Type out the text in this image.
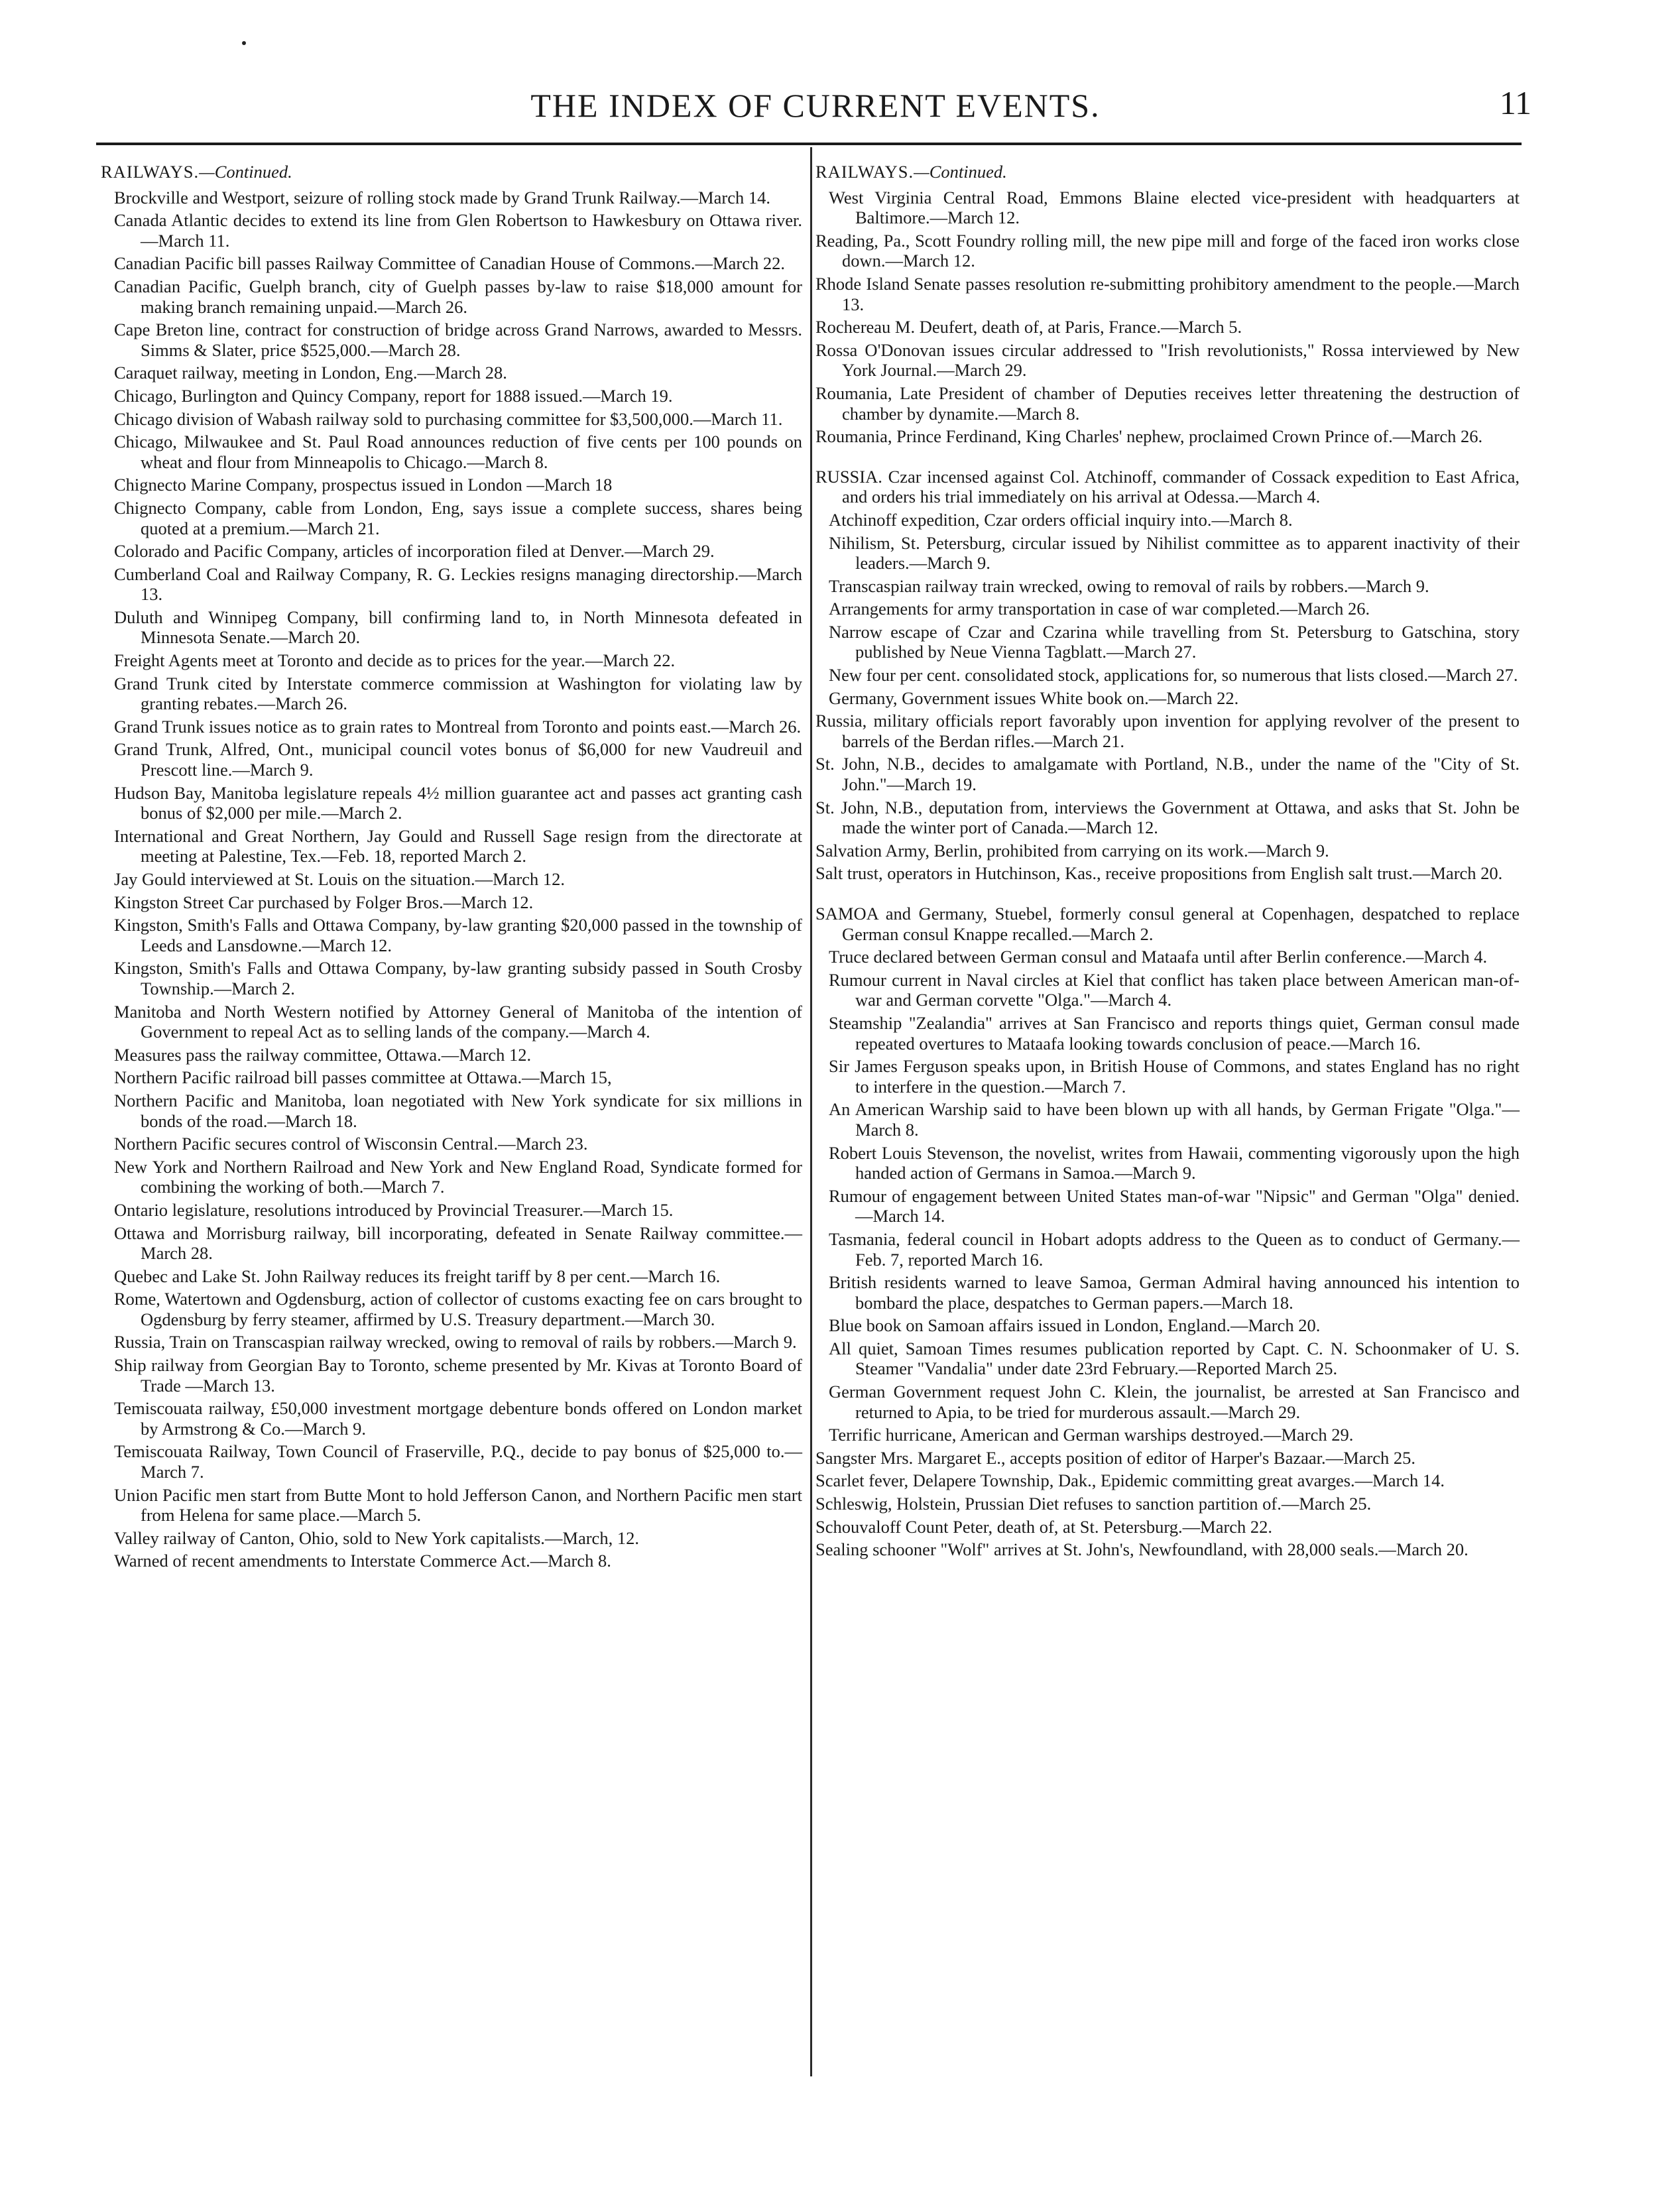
THE INDEX OF CURRENT EVENTS.	11
RAILWAYS.—Continued.
Brockville and Westport, seizure of rolling stock made by Grand Trunk Railway.—March 14.
Canada Atlantic decides to extend its line from Glen Robertson to Hawkesbury on Ottawa river.—March 11.
Canadian Pacific bill passes Railway Committee of Canadian House of Commons.—March 22.
Canadian Pacific, Guelph branch, city of Guelph passes by-law to raise $18,000 amount for making branch remaining unpaid.—March 26.
Cape Breton line, contract for construction of bridge across Grand Narrows, awarded to Messrs. Simms & Slater, price $525,000.—March 28.
Caraquet railway, meeting in London, Eng.—March 28.
Chicago, Burlington and Quincy Company, report for 1888 issued.—March 19.
Chicago division of Wabash railway sold to purchasing committee for $3,500,000.—March 11.
Chicago, Milwaukee and St. Paul Road announces reduction of five cents per 100 pounds on wheat and flour from Minneapolis to Chicago.—March 8.
Chignecto Marine Company, prospectus issued in London —March 18
Chignecto Company, cable from London, Eng, says issue a complete success, shares being quoted at a premium.—March 21.
Colorado and Pacific Company, articles of incorporation filed at Denver.—March 29.
Cumberland Coal and Railway Company, R. G. Leckies resigns managing directorship.—March 13.
Duluth and Winnipeg Company, bill confirming land to, in North Minnesota defeated in Minnesota Senate.—March 20.
Freight Agents meet at Toronto and decide as to prices for the year.—March 22.
Grand Trunk cited by Interstate commerce commission at Washington for violating law by granting rebates.—March 26.
Grand Trunk issues notice as to grain rates to Montreal from Toronto and points east.—March 26.
Grand Trunk, Alfred, Ont., municipal council votes bonus of $6,000 for new Vaudreuil and Prescott line.—March 9.
Hudson Bay, Manitoba legislature repeals 4½ million guarantee act and passes act granting cash bonus of $2,000 per mile.—March 2.
International and Great Northern, Jay Gould and Russell Sage resign from the directorate at meeting at Palestine, Tex.—Feb. 18, reported March 2.
Jay Gould interviewed at St. Louis on the situation.—March 12.
Kingston Street Car purchased by Folger Bros.—March 12.
Kingston, Smith's Falls and Ottawa Company, by-law granting $20,000 passed in the township of Leeds and Lansdowne.—March 12.
Kingston, Smith's Falls and Ottawa Company, by-law granting subsidy passed in South Crosby Township.—March 2.
Manitoba and North Western notified by Attorney General of Manitoba of the intention of Government to repeal Act as to selling lands of the company.—March 4.
Measures pass the railway committee, Ottawa.—March 12.
Northern Pacific railroad bill passes committee at Ottawa.—March 15,
Northern Pacific and Manitoba, loan negotiated with New York syndicate for six millions in bonds of the road.—March 18.
Northern Pacific secures control of Wisconsin Central.—March 23.
New York and Northern Railroad and New York and New England Road, Syndicate formed for combining the working of both.—March 7.
Ontario legislature, resolutions introduced by Provincial Treasurer.—March 15.
Ottawa and Morrisburg railway, bill incorporating, defeated in Senate Railway committee.—March 28.
Quebec and Lake St. John Railway reduces its freight tariff by 8 per cent.—March 16.
Rome, Watertown and Ogdensburg, action of collector of customs exacting fee on cars brought to Ogdensburg by ferry steamer, affirmed by U.S. Treasury department.—March 30.
Russia, Train on Transcaspian railway wrecked, owing to removal of rails by robbers.—March 9.
Ship railway from Georgian Bay to Toronto, scheme presented by Mr. Kivas at Toronto Board of Trade —March 13.
Temiscouata railway, £50,000 investment mortgage debenture bonds offered on London market by Armstrong & Co.—March 9.
Temiscouata Railway, Town Council of Fraserville, P.Q., decide to pay bonus of $25,000 to.—March 7.
Union Pacific men start from Butte Mont to hold Jefferson Canon, and Northern Pacific men start from Helena for same place.—March 5.
Valley railway of Canton, Ohio, sold to New York capitalists.—March, 12.
Warned of recent amendments to Interstate Commerce Act.—March 8.
RAILWAYS.—Continued.
West Virginia Central Road, Emmons Blaine elected vice-president with headquarters at Baltimore.—March 12.
Reading, Pa., Scott Foundry rolling mill, the new pipe mill and forge of the faced iron works close down.—March 12.
Rhode Island Senate passes resolution re-submitting prohibitory amendment to the people.—March 13.
Rochereau M. Deufert, death of, at Paris, France.—March 5.
Rossa O'Donovan issues circular addressed to "Irish revolutionists," Rossa interviewed by New York Journal.—March 29.
Roumania, Late President of chamber of Deputies receives letter threatening the destruction of chamber by dynamite.—March 8.
Roumania, Prince Ferdinand, King Charles' nephew, proclaimed Crown Prince of.—March 26.
RUSSIA. Czar incensed against Col. Atchinoff, commander of Cossack expedition to East Africa, and orders his trial immediately on his arrival at Odessa.—March 4.
Atchinoff expedition, Czar orders official inquiry into.—March 8.
Nihilism, St. Petersburg, circular issued by Nihilist committee as to apparent inactivity of their leaders.—March 9.
Transcaspian railway train wrecked, owing to removal of rails by robbers.—March 9.
Arrangements for army transportation in case of war completed.—March 26.
Narrow escape of Czar and Czarina while travelling from St. Petersburg to Gatschina, story published by Neue Vienna Tagblatt.—March 27.
New four per cent. consolidated stock, applications for, so numerous that lists closed.—March 27.
Germany, Government issues White book on.—March 22.
Russia, military officials report favorably upon invention for applying revolver of the present to barrels of the Berdan rifles.—March 21.
St. John, N.B., decides to amalgamate with Portland, N.B., under the name of the "City of St. John."—March 19.
St. John, N.B., deputation from, interviews the Government at Ottawa, and asks that St. John be made the winter port of Canada.—March 12.
Salvation Army, Berlin, prohibited from carrying on its work.—March 9.
Salt trust, operators in Hutchinson, Kas., receive propositions from English salt trust.—March 20.
SAMOA and Germany, Stuebel, formerly consul general at Copenhagen, despatched to replace German consul Knappe recalled.—March 2.
Truce declared between German consul and Mataafa until after Berlin conference.—March 4.
Rumour current in Naval circles at Kiel that conflict has taken place between American man-of-war and German corvette "Olga."—March 4.
Steamship "Zealandia" arrives at San Francisco and reports things quiet, German consul made repeated overtures to Mataafa looking towards conclusion of peace.—March 16.
Sir James Ferguson speaks upon, in British House of Commons, and states England has no right to interfere in the question.—March 7.
An American Warship said to have been blown up with all hands, by German Frigate "Olga."—March 8.
Robert Louis Stevenson, the novelist, writes from Hawaii, commenting vigorously upon the high handed action of Germans in Samoa.—March 9.
Rumour of engagement between United States man-of-war "Nipsic" and German "Olga" denied.—March 14.
Tasmania, federal council in Hobart adopts address to the Queen as to conduct of Germany.—Feb. 7, reported March 16.
British residents warned to leave Samoa, German Admiral having announced his intention to bombard the place, despatches to German papers.—March 18.
Blue book on Samoan affairs issued in London, England.—March 20.
All quiet, Samoan Times resumes publication reported by Capt. C. N. Schoonmaker of U. S. Steamer "Vandalia" under date 23rd February.—Reported March 25.
German Government request John C. Klein, the journalist, be arrested at San Francisco and returned to Apia, to be tried for murderous assault.—March 29.
Terrific hurricane, American and German warships destroyed.—March 29.
Sangster Mrs. Margaret E., accepts position of editor of Harper's Bazaar.—March 25.
Scarlet fever, Delapere Township, Dak., Epidemic committing great avarges.—March 14.
Schleswig, Holstein, Prussian Diet refuses to sanction partition of.—March 25.
Schouvaloff Count Peter, death of, at St. Petersburg.—March 22.
Sealing schooner "Wolf" arrives at St. John's, Newfoundland, with 28,000 seals.—March 20.
